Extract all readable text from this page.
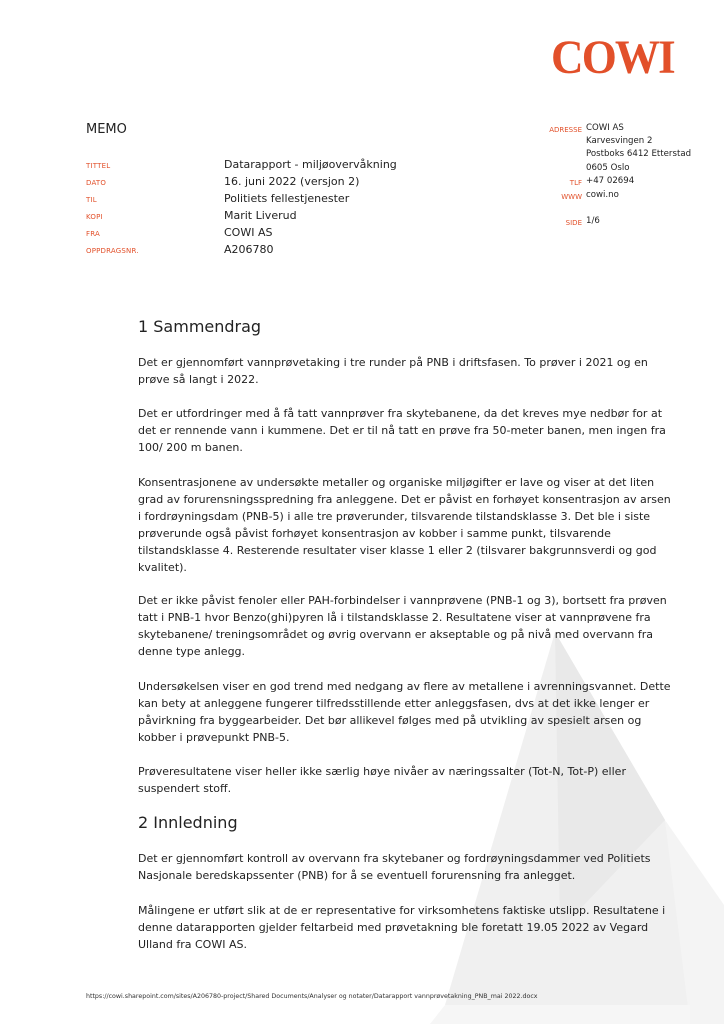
COWI
MEMO
TITTEL	Datarapport - miljøovervåkning
DATO	16. juni 2022 (versjon 2)
TIL	Politiets fellestjenester
KOPI	Marit Liverud
FRA	COWI AS
OPPDRAGSNR.	A206780
ADRESSE COWI AS
Karvesvingen 2
Postboks 6412 Etterstad
0605 Oslo
TLF +47 02694
WWW cowi.no
SIDE 1/6
1 Sammendrag

Det er gjennomført vannprøvetaking i tre runder på PNB i driftsfasen. To prøver i 2021 og en prøve så langt i 2022.

Det er utfordringer med å få tatt vannprøver fra skytebanene, da det kreves mye nedbør for at det er rennende vann i kummene. Det er til nå tatt en prøve fra 50-meter banen, men ingen fra 100/ 200 m banen.

Konsentrasjonene av undersøkte metaller og organiske miljøgifter er lave og viser at det liten grad av forurensningsspredning fra anleggene. Det er påvist en forhøyet konsentrasjon av arsen i fordrøyningsdam (PNB-5) i alle tre prøverunder, tilsvarende tilstandsklasse 3. Det ble i siste prøverunde også påvist forhøyet konsentrasjon av kobber i samme punkt, tilsvarende tilstandsklasse 4. Resterende resultater viser klasse 1 eller 2 (tilsvarer bakgrunnsverdi og god kvalitet).

Det er ikke påvist fenoler eller PAH-forbindelser i vannprøvene (PNB-1 og 3), bortsett fra prøven tatt i PNB-1 hvor Benzo(ghi)pyren lå i tilstandsklasse 2. Resultatene viser at vannprøvene fra skytebanene/ treningsområdet og øvrig overvann er akseptable og på nivå med overvann fra denne type anlegg.

Undersøkelsen viser en god trend med nedgang av flere av metallene i avrenningsvannet. Dette kan bety at anleggene fungerer tilfredsstillende etter anleggsfasen, dvs at det ikke lenger er påvirkning fra byggearbeider. Det bør allikevel følges med på utvikling av spesielt arsen og kobber i prøvepunkt PNB-5.

Prøveresultatene viser heller ikke særlig høye nivåer av næringssalter (Tot-N, Tot-P) eller suspendert stoff.

2 Innledning

Det er gjennomført kontroll av overvann fra skytebaner og fordrøyningsdammer ved Politiets Nasjonale beredskapssenter (PNB) for å se eventuell forurensning fra anlegget.

Målingene er utført slik at de er representative for virksomhetens faktiske utslipp. Resultatene i denne datarapporten gjelder feltarbeid med prøvetakning ble foretatt 19.05 2022 av Vegard Ulland fra COWI AS.

https://cowi.sharepoint.com/sites/A206780-project/Shared Documents/Analyser og notater/Datarapport vannprøvetakning_PNB_mai 2022.docx
